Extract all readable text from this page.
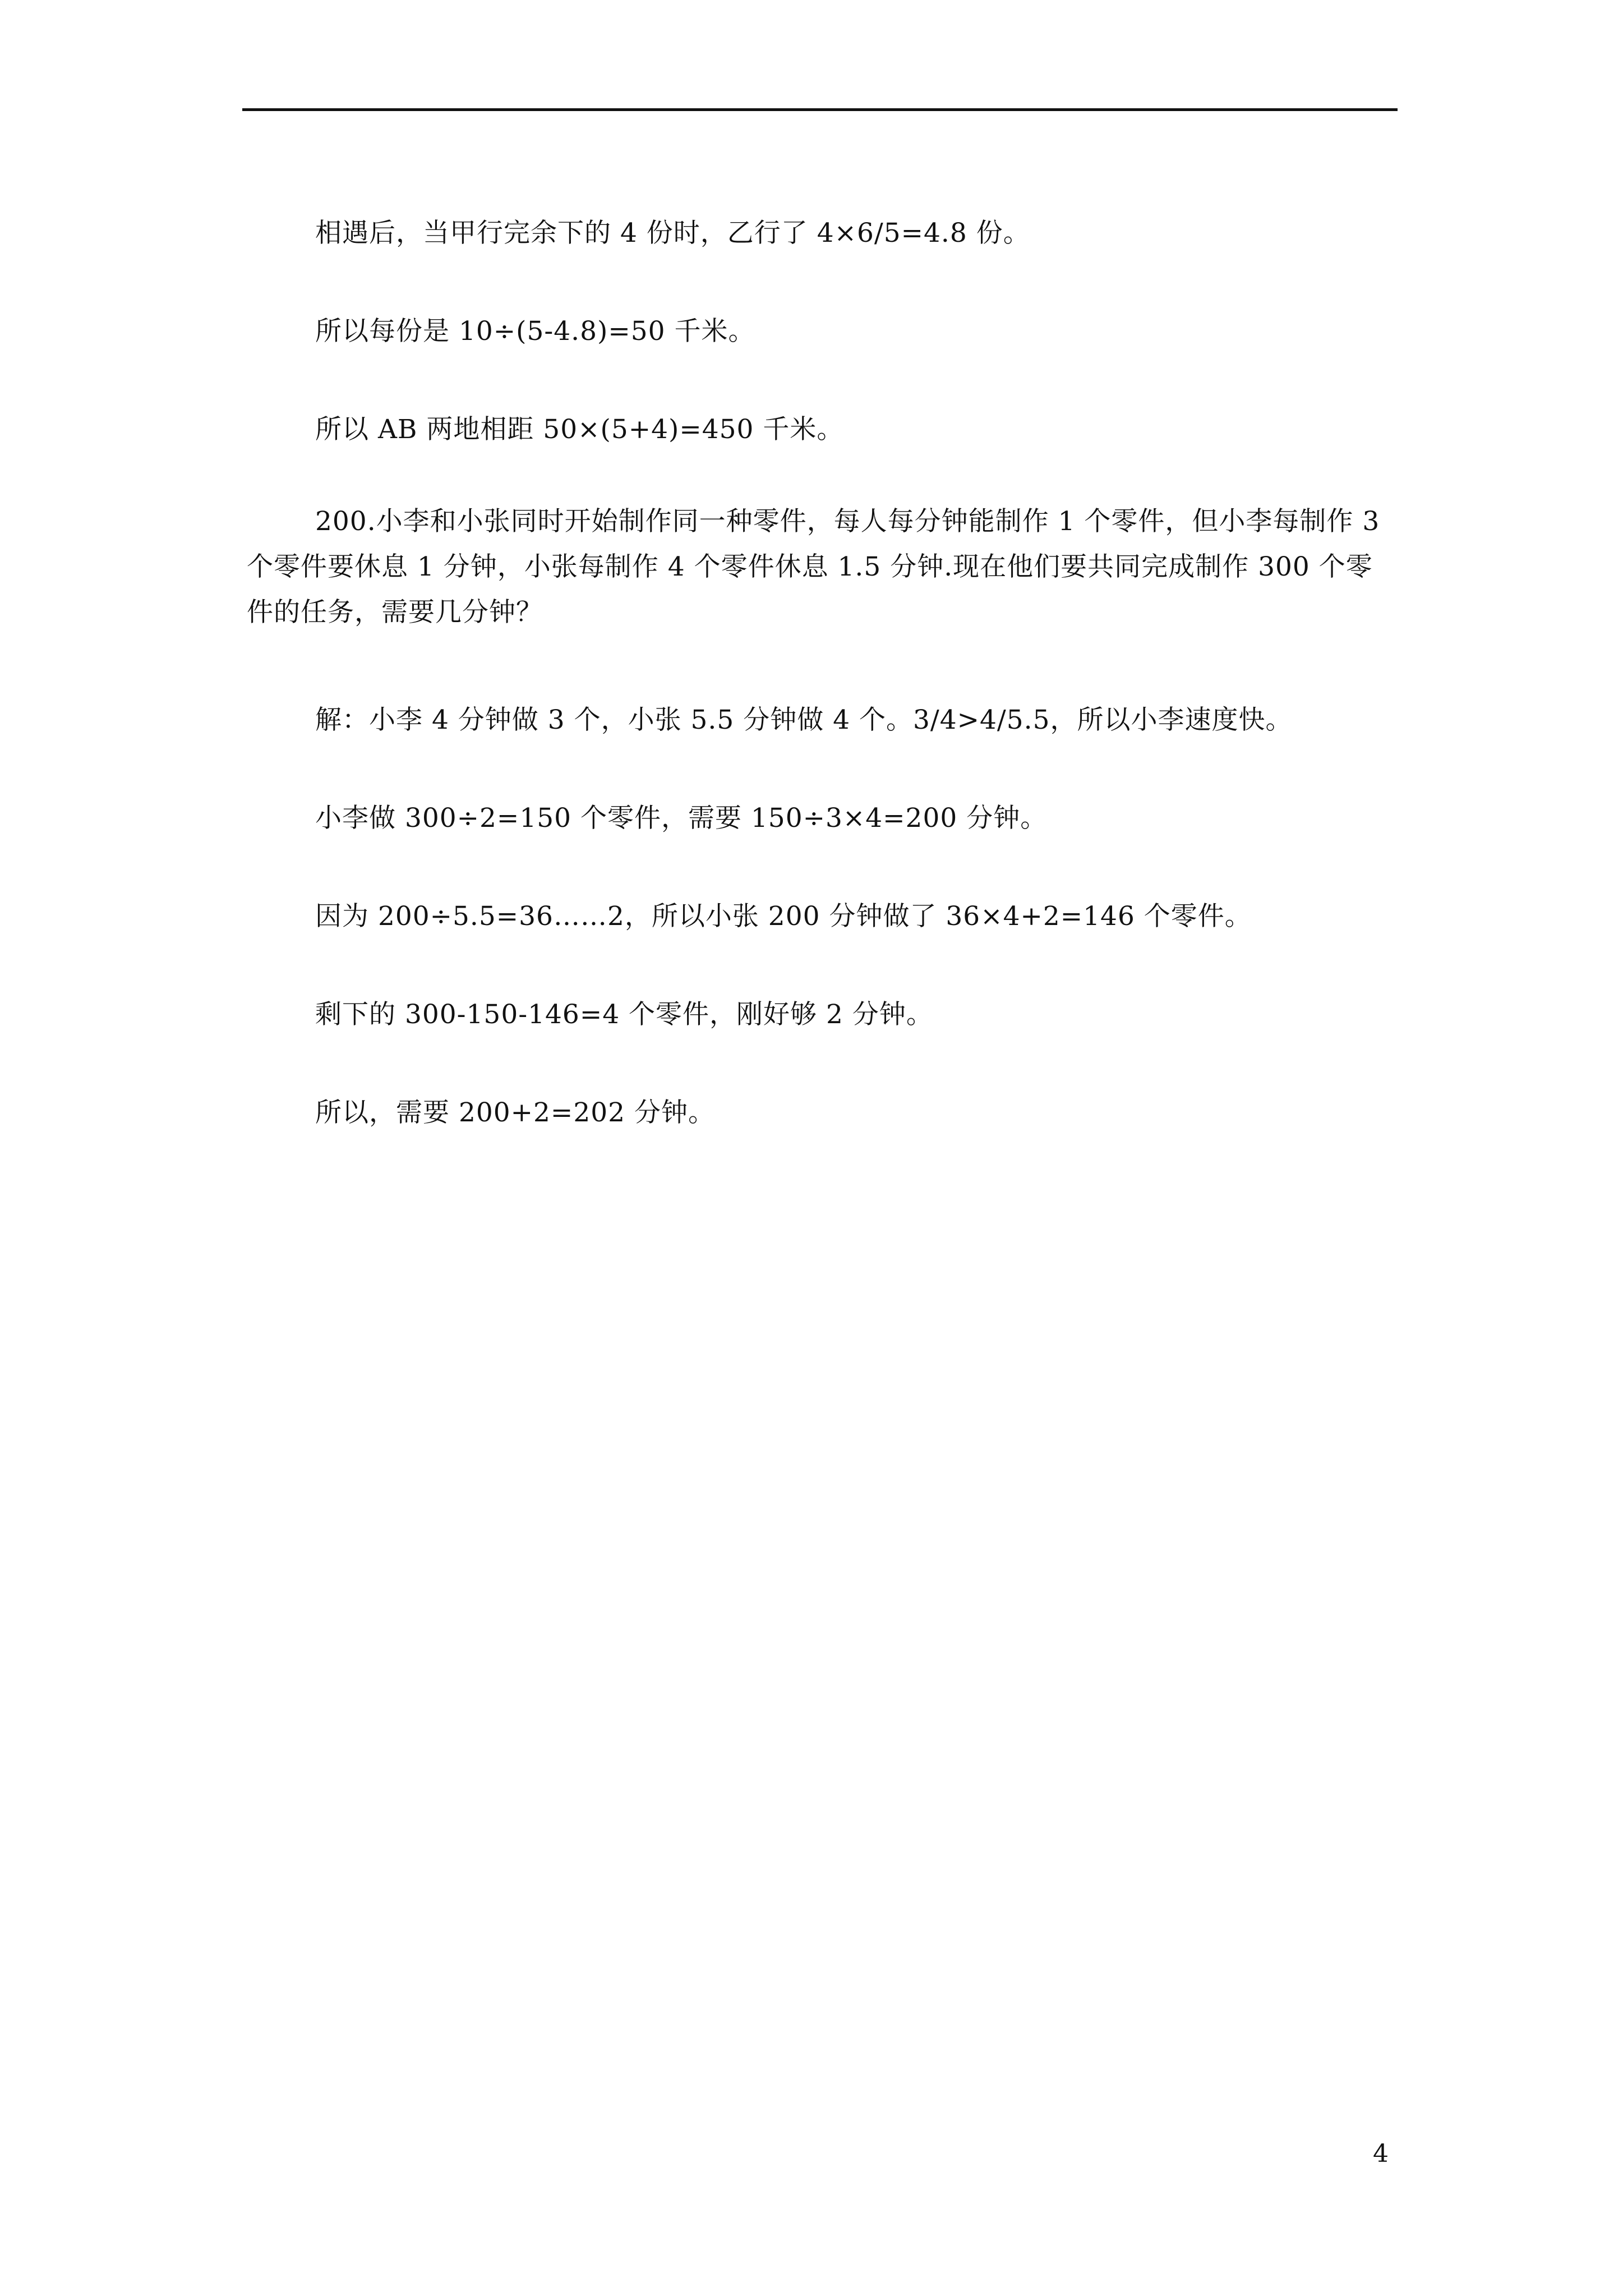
相遇后，当甲行完余下的 4 份时，乙行了 4×6/5=4.8 份。
所以每份是 10÷(5-4.8)=50 千米。
所以 AB 两地相距 50×(5+4)=450 千米。
200.小李和小张同时开始制作同一种零件，每人每分钟能制作 1 个零件，但小李每制作 3 个零件要休息 1 分钟，小张每制作 4 个零件休息 1.5 分钟.现在他们要共同完成制作 300 个零件的任务，需要几分钟？
解：小李 4 分钟做 3 个，小张 5.5 分钟做 4 个。3/4>4/5.5，所以小李速度快。
小李做 300÷2=150 个零件，需要 150÷3×4=200 分钟。
因为 200÷5.5=36……2，所以小张 200 分钟做了 36×4+2=146 个零件。
剩下的 300-150-146=4 个零件，刚好够 2 分钟。
所以，需要 200+2=202 分钟。
4
